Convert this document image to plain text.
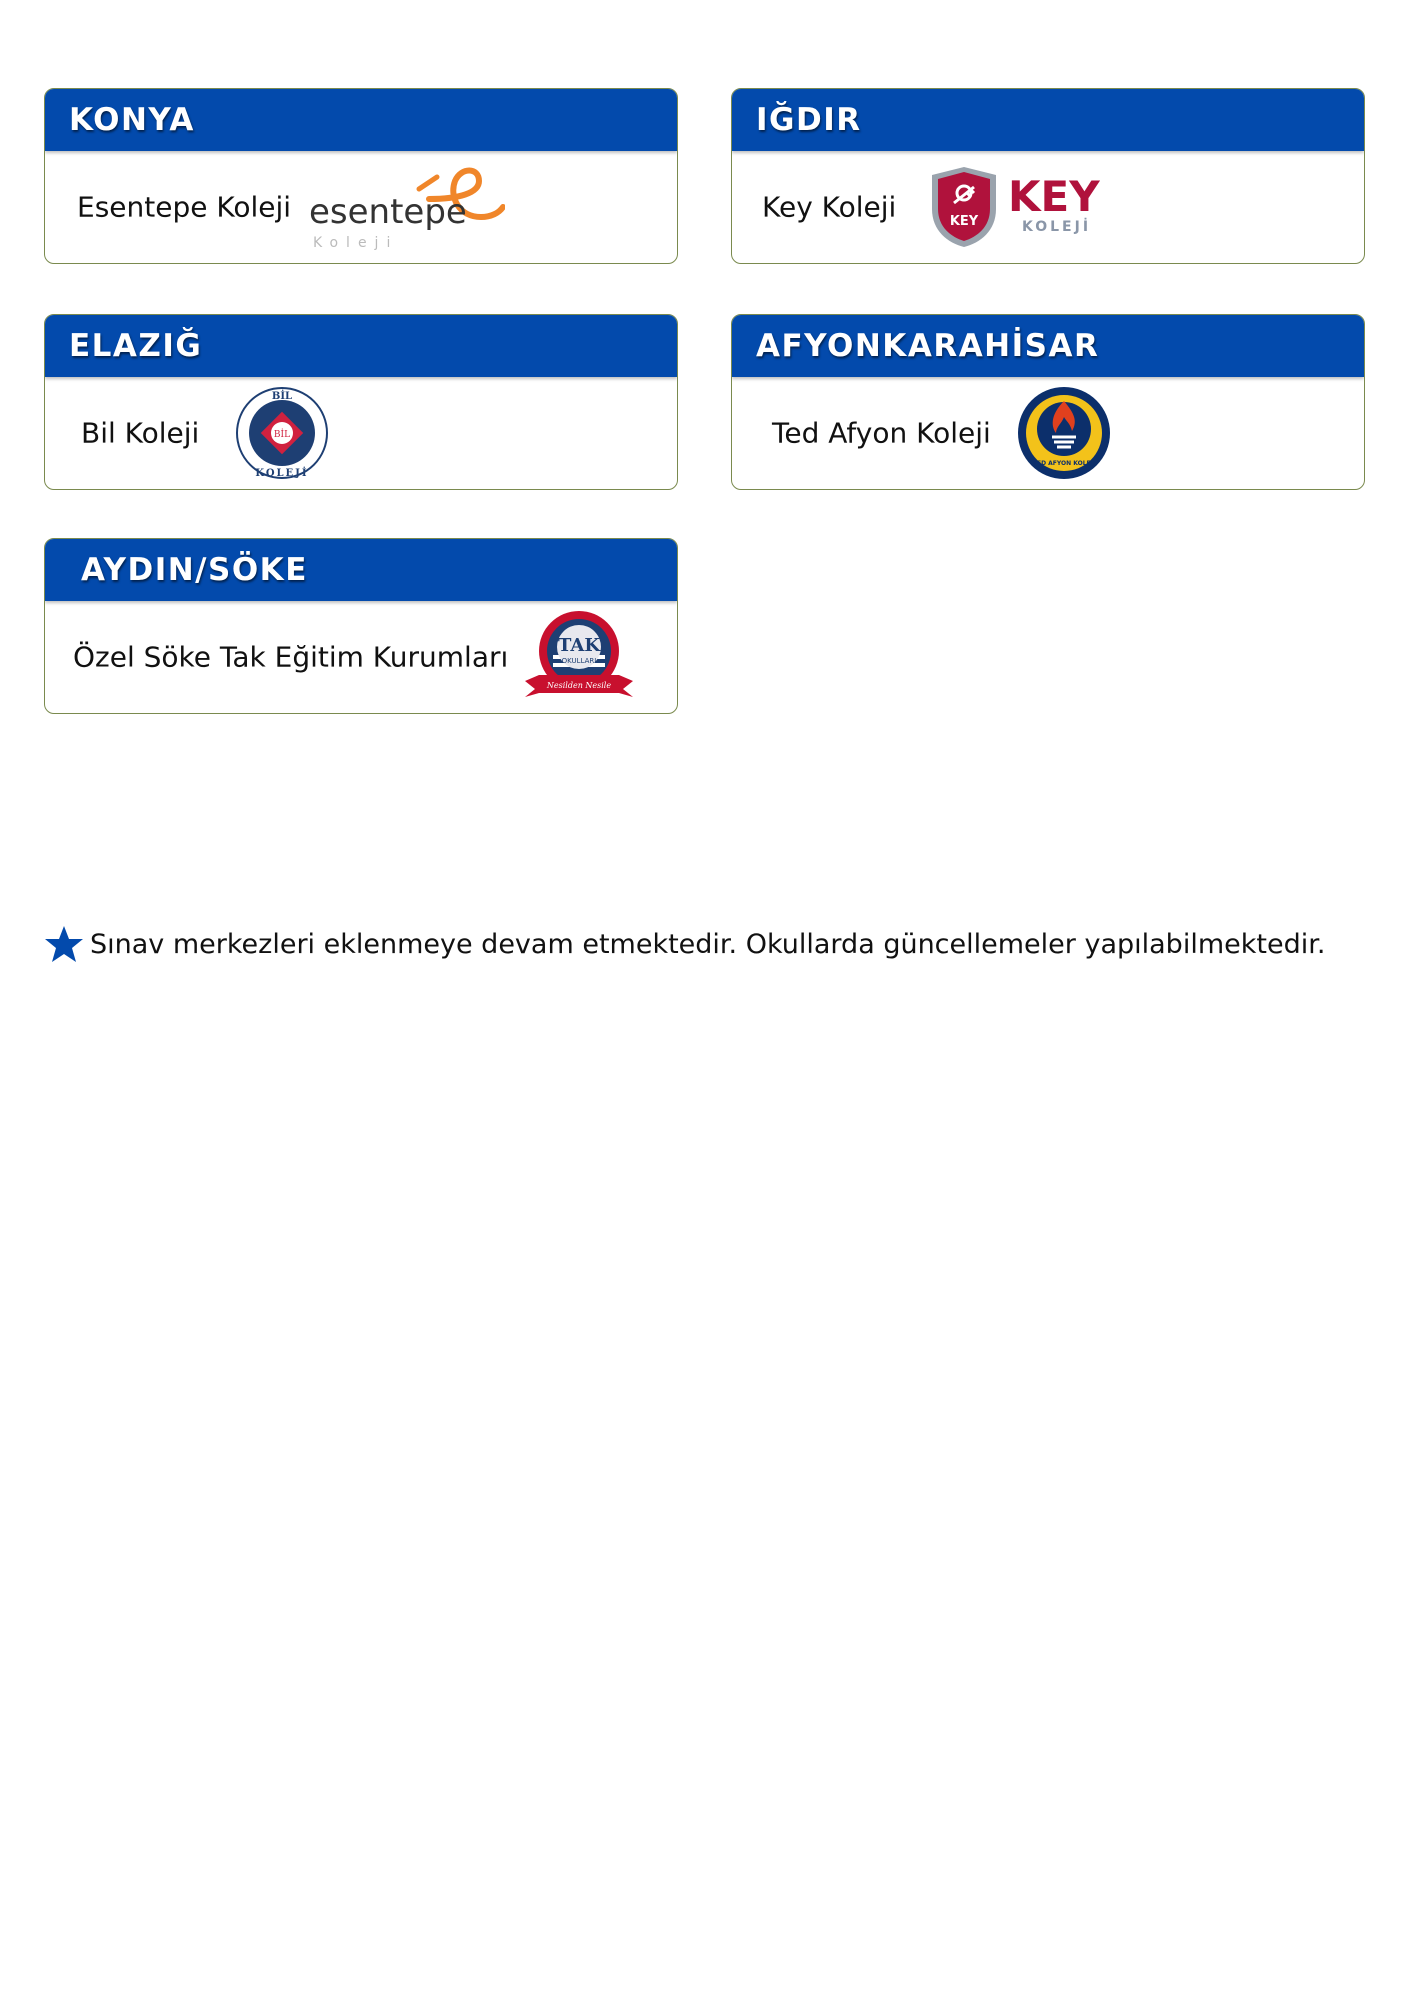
KONYA
Esentepe Koleji esentepe
Koleji
IĞDIR
Key Koleji	KEY
KEY
KOLEJİ
ELAZIĞ
Bil Koleji	BİL
BİL
KOLEJİ
AFYONKARAHİSAR
Ted Afyon Koleji
TED AFYON KOLEJİ
AYDIN/SÖKE
Özel Söke Tak Eğitim Kurumları	TAK
OKULLARI
Nesilden Nesile
Sınav merkezleri eklenmeye devam etmektedir. Okullarda güncellemeler yapılabilmektedir.
